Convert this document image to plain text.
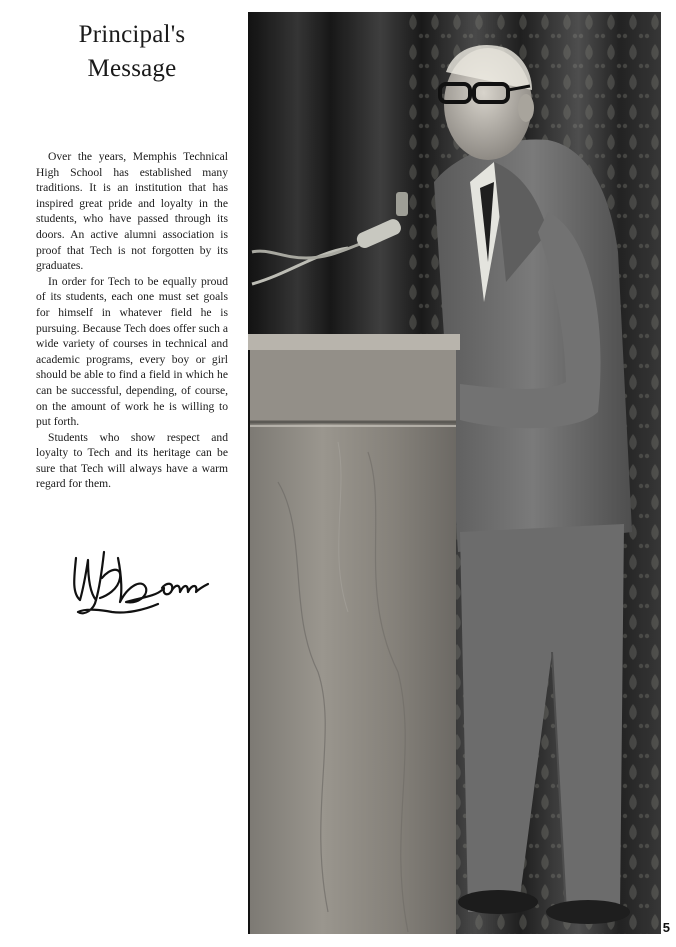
Principal's
Message

Over the years, Memphis Technical High School has established many traditions. It is an institution that has inspired great pride and loyalty in the students, who have passed through its doors. An active alumni association is proof that Tech is not forgotten by its graduates.

In order for Tech to be equally proud of its students, each one must set goals for himself in whatever field he is pursuing. Because Tech does offer such a wide variety of courses in technical and academic programs, every boy or girl should be able to find a field in which he can be successful, depending, of course, on the amount of work he is willing to put forth.

Students who show respect and loyalty to Tech and its heritage can be sure that Tech will always have a warm regard for them.

5
